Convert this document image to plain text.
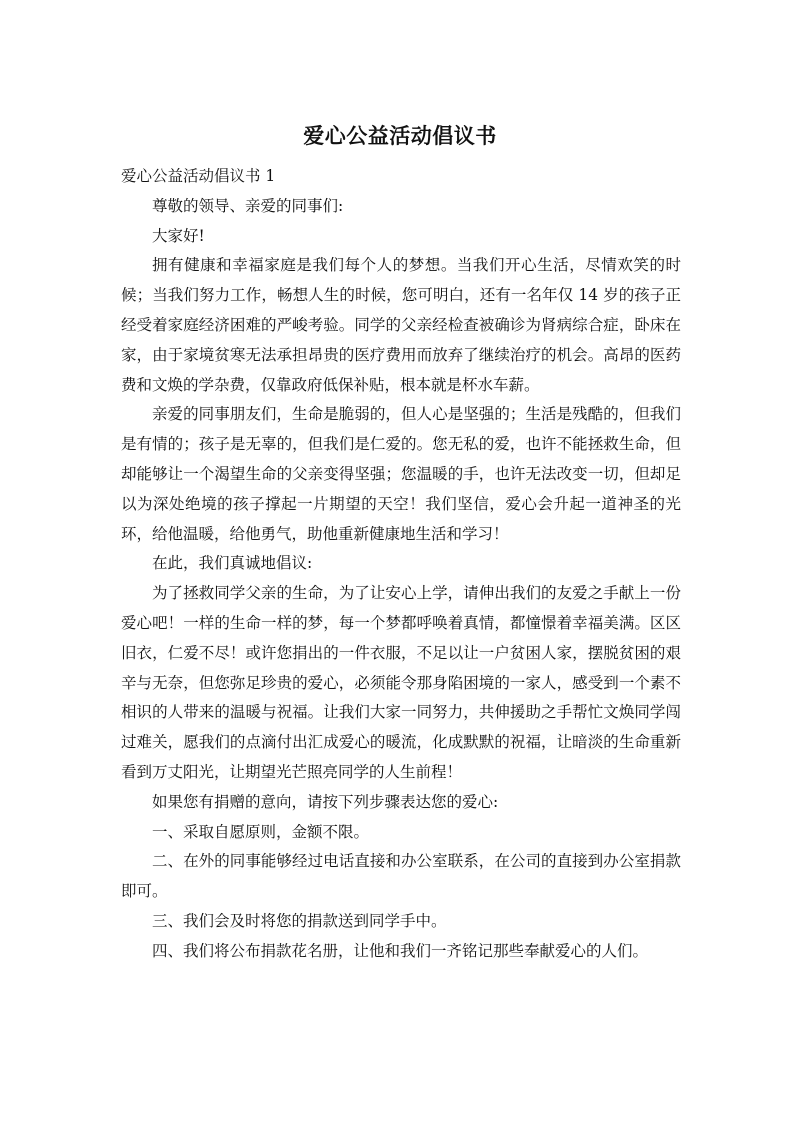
爱心公益活动倡议书

爱心公益活动倡议书 1

尊敬的领导、亲爱的同事们:

大家好!

拥有健康和幸福家庭是我们每个人的梦想。当我们开心生活，尽情欢笑的时候；当我们努力工作，畅想人生的时候，您可明白，还有一名年仅 14 岁的孩子正经受着家庭经济困难的严峻考验。同学的父亲经检查被确诊为肾病综合症，卧床在家，由于家境贫寒无法承担昂贵的医疗费用而放弃了继续治疗的机会。高昂的医药费和文焕的学杂费，仅靠政府低保补贴，根本就是杯水车薪。

亲爱的同事朋友们，生命是脆弱的，但人心是坚强的；生活是残酷的，但我们是有情的；孩子是无辜的，但我们是仁爱的。您无私的爱，也许不能拯救生命，但却能够让一个渴望生命的父亲变得坚强；您温暖的手，也许无法改变一切，但却足以为深处绝境的孩子撑起一片期望的天空！我们坚信，爱心会升起一道神圣的光环，给他温暖，给他勇气，助他重新健康地生活和学习！

在此，我们真诚地倡议:

为了拯救同学父亲的生命，为了让安心上学，请伸出我们的友爱之手献上一份爱心吧！一样的生命一样的梦，每一个梦都呼唤着真情，都憧憬着幸福美满。区区旧衣，仁爱不尽！或许您捐出的一件衣服，不足以让一户贫困人家，摆脱贫困的艰辛与无奈，但您弥足珍贵的爱心，必须能令那身陷困境的一家人，感受到一个素不相识的人带来的温暖与祝福。让我们大家一同努力，共伸援助之手帮忙文焕同学闯过难关，愿我们的点滴付出汇成爱心的暖流，化成默默的祝福，让暗淡的生命重新看到万丈阳光，让期望光芒照亮同学的人生前程！

如果您有捐赠的意向，请按下列步骤表达您的爱心:

一、采取自愿原则，金额不限。

二、在外的同事能够经过电话直接和办公室联系，在公司的直接到办公室捐款即可。

三、我们会及时将您的捐款送到同学手中。

四、我们将公布捐款花名册，让他和我们一齐铭记那些奉献爱心的人们。
